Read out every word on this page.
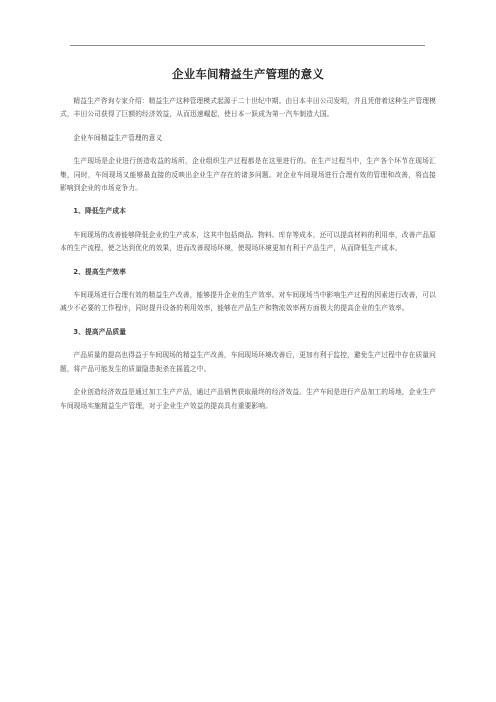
企业车间精益生产管理的意义

精益生产咨询专家介绍：精益生产这种管理模式起源于二十世纪中期。由日本丰田公司发明，并且凭借着这种生产管理模式，丰田公司获得了巨额的经济效益，从而迅速崛起，使日本一跃成为第一汽车制造大国。

企业车间精益生产管理的意义

生产现场是企业进行创造收益的场所，企业组织生产过程都是在这里进行的。在生产过程当中，生产各个环节在现场汇集，同时，车间现场又能够最直接的反映出企业生产存在的诸多问题。对企业车间现场进行合理有效的管理和改善，将直接影响到企业的市场竞争力。

1、降低生产成本

车间现场的改善能够降低企业的生产成本，这其中包括商品、物料、库存等成本，还可以提高材料的利用率，改善产品原本的生产流程，使之达到优化的效果，进而改善现场环境，使现场环境更加有利于产品生产，从而降低生产成本。

2、提高生产效率

车间现场进行合理有效的精益生产改善，能够提升企业的生产效率。对车间现场当中影响生产过程的因素进行改善，可以减少不必要的工作程序，同时提升设备的利用效率，能够在产品生产和物流效率两方面极大的提高企业的生产效率。

3、提高产品质量

产品质量的提高也得益于车间现场的精益生产改善，车间现场环境改善后，更加有利于监控，避免生产过程中存在质量问题，将产品可能发生的质量隐患扼杀在摇篮之中。

企业创造经济效益是通过加工生产产品，通过产品销售获取最终的经济效益。生产车间是进行产品加工的场地，企业生产车间现场实施精益生产管理，对于企业生产效益的提高具有重要影响。
